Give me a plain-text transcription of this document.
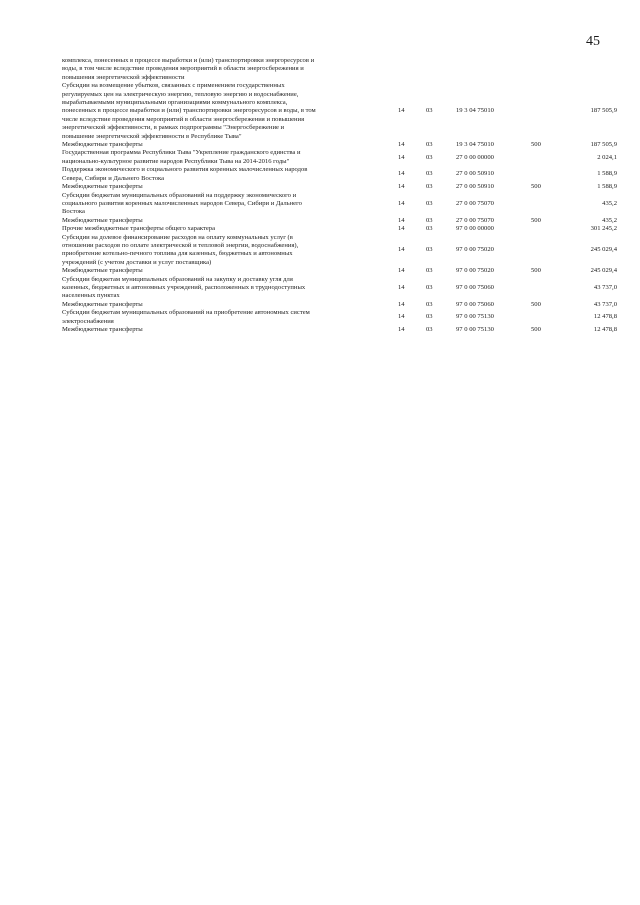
45
комплекса, понесенных в процессе выработки и (или) транспортировки энергоресурсов и
воды, в том числе вследствие проведения мероприятий в области энергосбережения и
повышения энергетической эффективности
Субсидии на возмещение убытков, связанных с применением государственных
регулируемых цен на электрическую энергию, тепловую энергию и водоснабжение,
вырабатываемыми муниципальными организациями коммунального комплекса,
понесенных в процессе выработки и (или) транспортировки энергоресурсов и воды, в том
числе вследствие проведения мероприятий в области энергосбережения и повышения
энергетической эффективности, в рамках подпрограммы "Энергосбережение и
повышение энергетической эффективности в Республике Тыва"
14	03	19 3 04 75010	187 505,9
Межбюджетные трансферты	14	03	19 3 04 75010	500	187 505,9
Государственная программа Республики Тыва "Укрепление гражданского единства и
национально-культурное развитие народов Республики Тыва на 2014-2016 годы"
14	03	27 0 00 00000	2 024,1
Поддержка экономического и социального развития коренных малочисленных народов
Севера, Сибири и Дальнего Востока
14	03	27 0 00 50910	1 588,9
Межбюджетные трансферты	14	03	27 0 00 50910	500	1 588,9
Субсидии бюджетам муниципальных образований на поддержку экономического и
социального развития коренных малочисленных народов Севера, Сибири и Дальнего
Востока
14	03	27 0 00 75070	435,2
Межбюджетные трансферты	14	03	27 0 00 75070	500	435,2
Прочие межбюджетные трансферты общего характера	14	03	97 0 00 00000	301 245,2
Субсидии на долевое финансирование расходов на оплату коммунальных услуг (в
отношении расходов по оплате электрической и тепловой энергии, водоснабжения),
приобретение котельно-печного топлива для казенных, бюджетных и автономных
учреждений (с учетом доставки и услуг поставщика)
14	03	97 0 00 75020	245 029,4
Межбюджетные трансферты	14	03	97 0 00 75020	500	245 029,4
Субсидии бюджетам муниципальных образований на закупку и доставку угля для
казенных, бюджетных и автономных учреждений, расположенных в труднодоступных
населенных пунктах
14	03	97 0 00 75060	43 737,0
Межбюджетные трансферты	14	03	97 0 00 75060	500	43 737,0
Субсидии бюджетам муниципальных образований на приобретение автономных систем
электроснабжения
14	03	97 0 00 75130	12 478,8
Межбюджетные трансферты	14	03	97 0 00 75130	500	12 478,8
